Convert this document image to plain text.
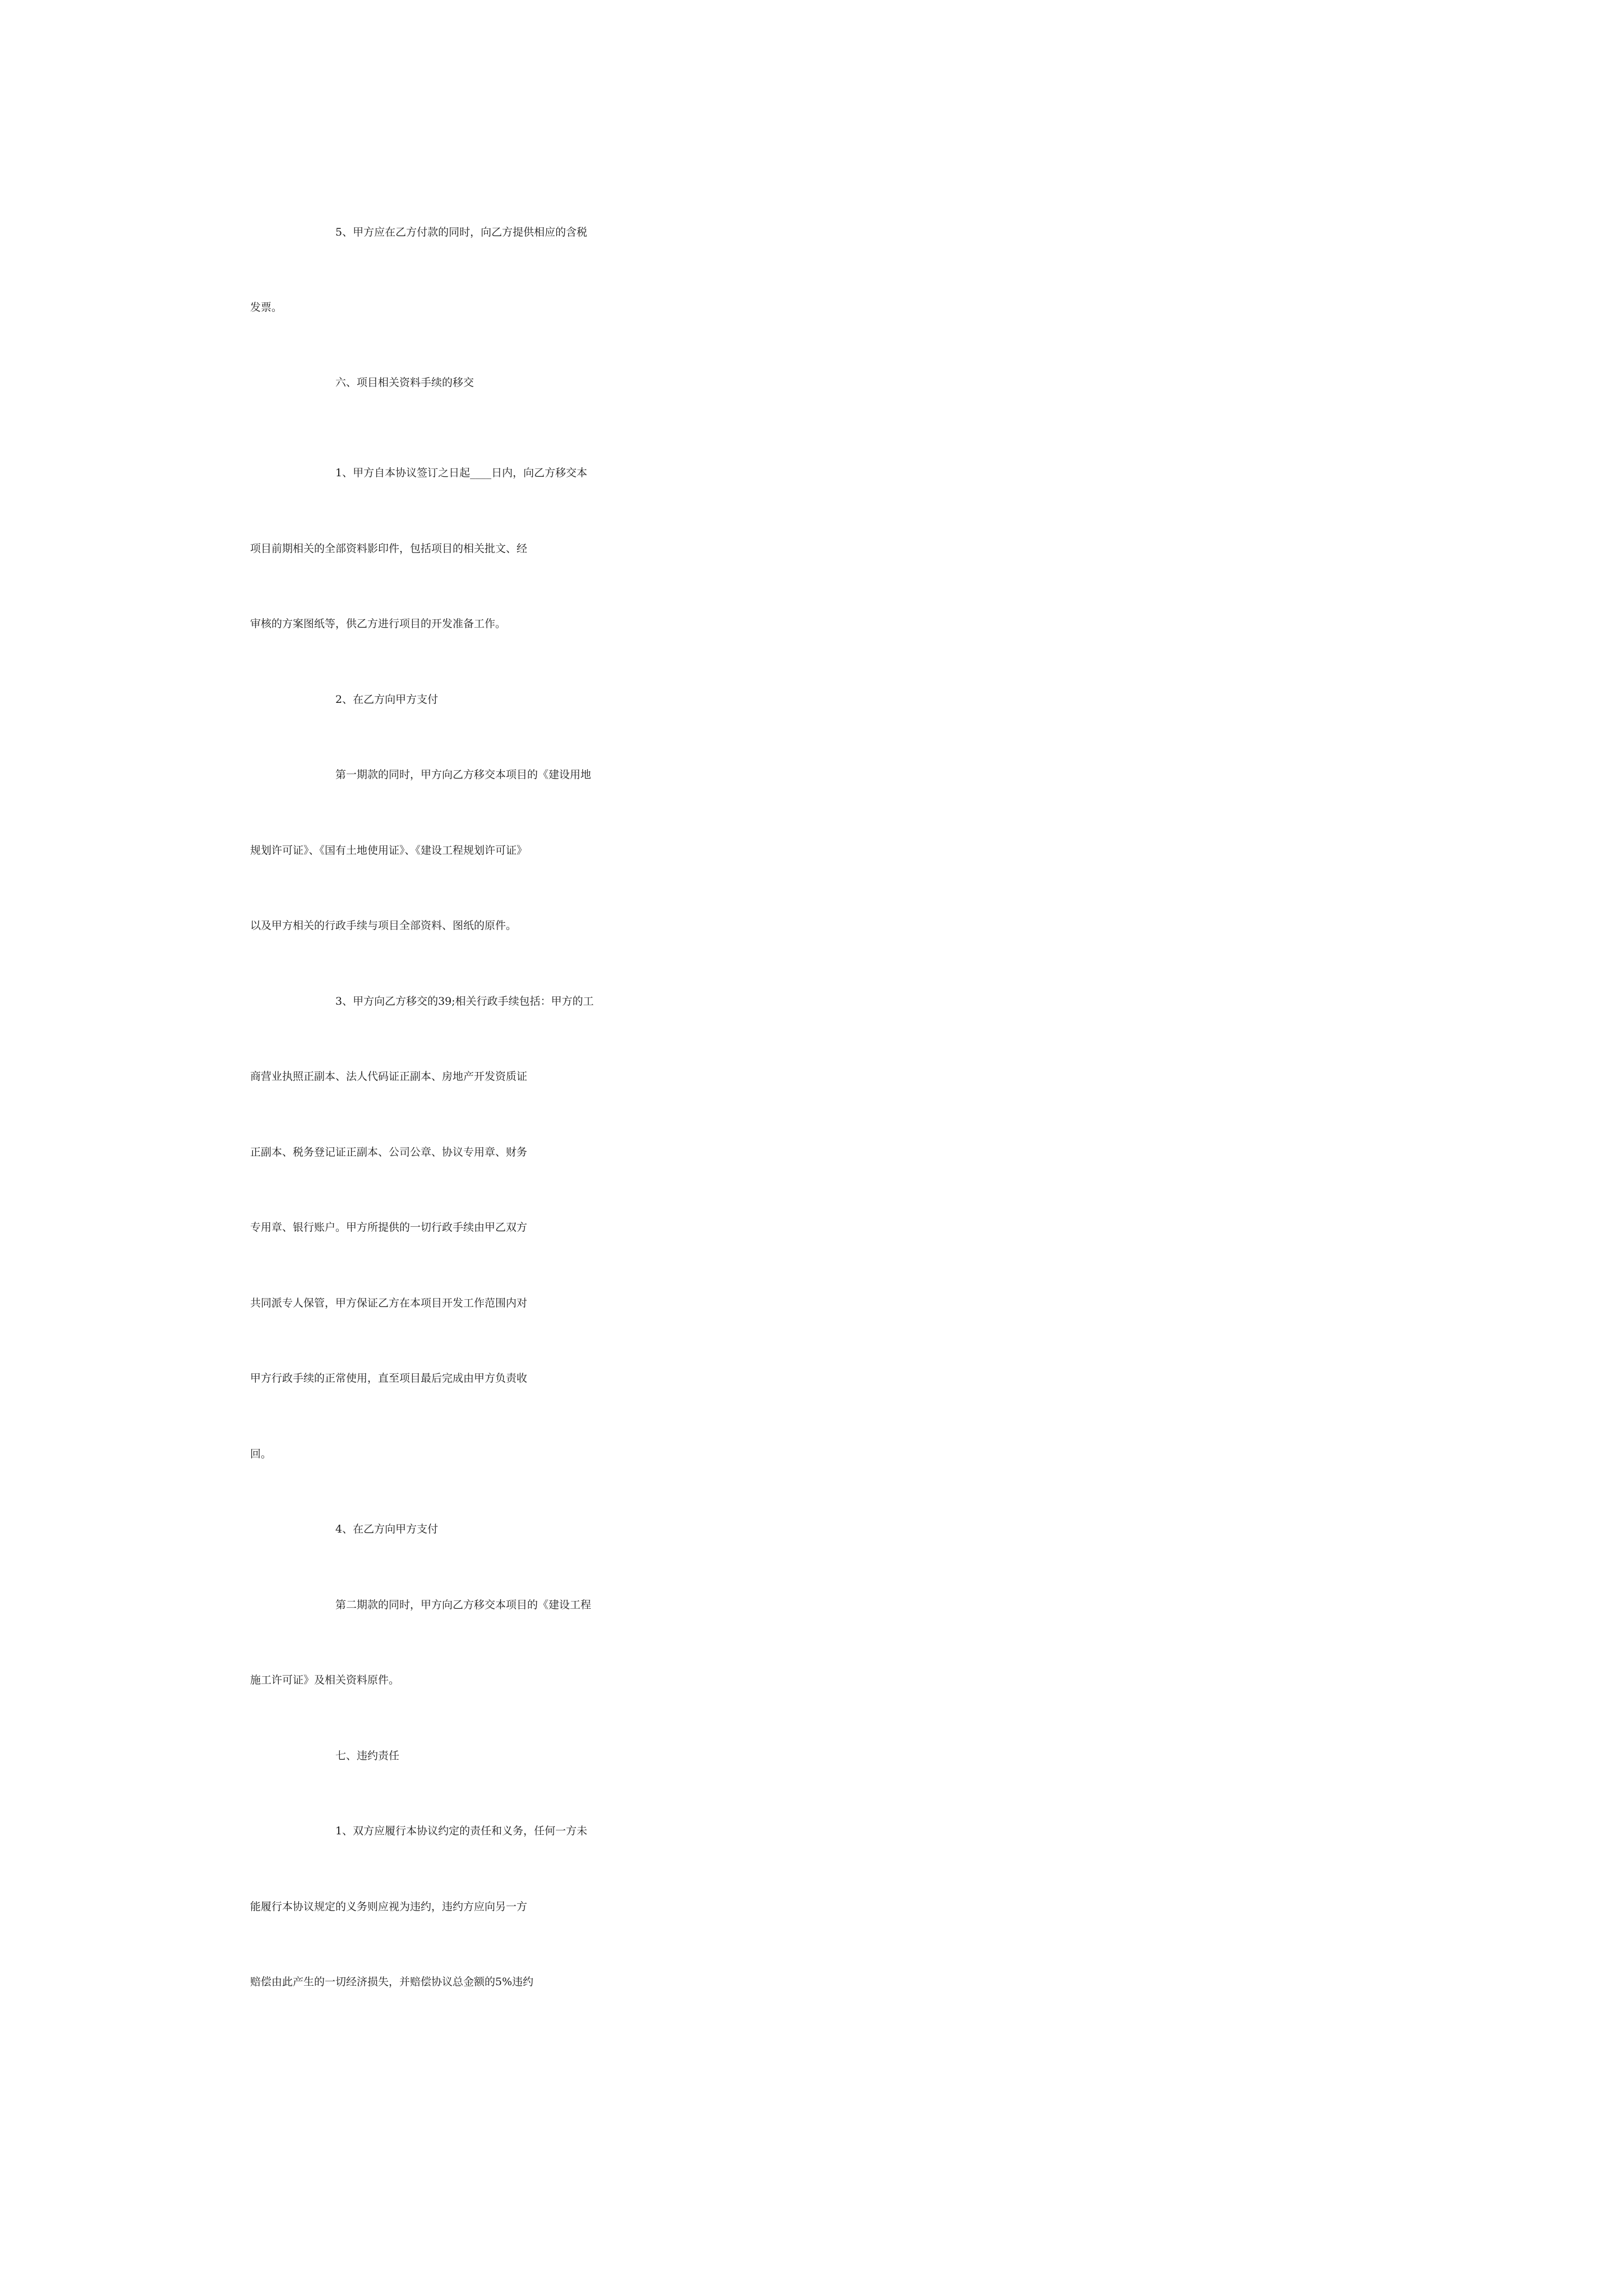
5、甲方应在乙方付款的同时，向乙方提供相应的含税
发票。
六、项目相关资料手续的移交
1、甲方自本协议签订之日起____日内，向乙方移交本
项目前期相关的全部资料影印件，包括项目的相关批文、经
审核的方案图纸等，供乙方进行项目的开发准备工作。
2、在乙方向甲方支付
第一期款的同时，甲方向乙方移交本项目的《建设用地
规划许可证》、《国有土地使用证》、《建设工程规划许可证》
以及甲方相关的行政手续与项目全部资料、图纸的原件。
3、甲方向乙方移交的39;相关行政手续包括：甲方的工
商营业执照正副本、法人代码证正副本、房地产开发资质证
正副本、税务登记证正副本、公司公章、协议专用章、财务
专用章、银行账户。甲方所提供的一切行政手续由甲乙双方
共同派专人保管，甲方保证乙方在本项目开发工作范围内对
甲方行政手续的正常使用，直至项目最后完成由甲方负责收
回。
4、在乙方向甲方支付
第二期款的同时，甲方向乙方移交本项目的《建设工程
施工许可证》及相关资料原件。
七、违约责任
1、双方应履行本协议约定的责任和义务，任何一方未
能履行本协议规定的义务则应视为违约，违约方应向另一方
赔偿由此产生的一切经济损失，并赔偿协议总金额的5%违约
